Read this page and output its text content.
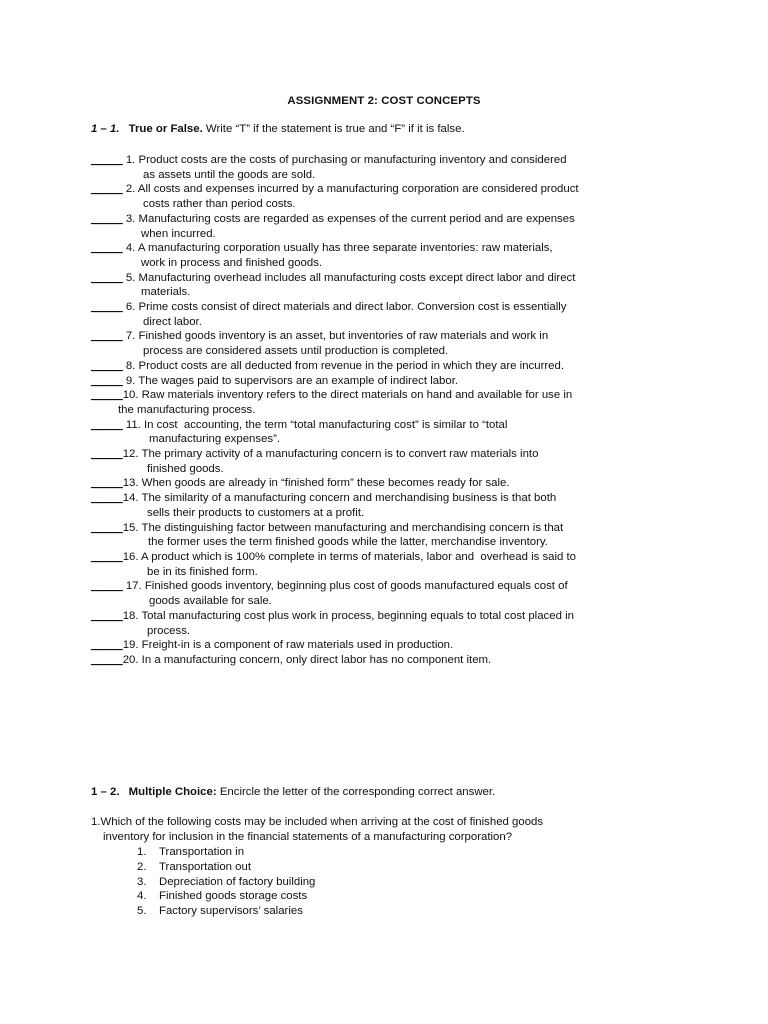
ASSIGNMENT 2: COST CONCEPTS
1 – 1. True or False. Write “T” if the statement is true and “F” if it is false.
_____ 1. Product costs are the costs of purchasing or manufacturing inventory and considered
as assets until the goods are sold.
_____ 2. All costs and expenses incurred by a manufacturing corporation are considered product
costs rather than period costs.
_____ 3. Manufacturing costs are regarded as expenses of the current period and are expenses
when incurred.
_____ 4. A manufacturing corporation usually has three separate inventories: raw materials,
work in process and finished goods.
_____ 5. Manufacturing overhead includes all manufacturing costs except direct labor and direct
materials.
_____ 6. Prime costs consist of direct materials and direct labor. Conversion cost is essentially
direct labor.
_____ 7. Finished goods inventory is an asset, but inventories of raw materials and work in
process are considered assets until production is completed.
_____ 8. Product costs are all deducted from revenue in the period in which they are incurred.
_____ 9. The wages paid to supervisors are an example of indirect labor.
_____10. Raw materials inventory refers to the direct materials on hand and available for use in
the manufacturing process.
_____ 11. In cost  accounting, the term “total manufacturing cost” is similar to “total
manufacturing expenses”.
_____12. The primary activity of a manufacturing concern is to convert raw materials into
finished goods.
_____13. When goods are already in “finished form” these becomes ready for sale.
_____14. The similarity of a manufacturing concern and merchandising business is that both
sells their products to customers at a profit.
_____15. The distinguishing factor between manufacturing and merchandising concern is that
the former uses the term finished goods while the latter, merchandise inventory.
_____16. A product which is 100% complete in terms of materials, labor and  overhead is said to
be in its finished form.
_____ 17. Finished goods inventory, beginning plus cost of goods manufactured equals cost of
goods available for sale.
_____18. Total manufacturing cost plus work in process, beginning equals to total cost placed in
process.
_____19. Freight-in is a component of raw materials used in production.
_____20. In a manufacturing concern, only direct labor has no component item.
1 – 2. Multiple Choice: Encircle the letter of the corresponding correct answer.
1.Which of the following costs may be included when arriving at the cost of finished goods
inventory for inclusion in the financial statements of a manufacturing corporation?
1. Transportation in
2. Transportation out
3. Depreciation of factory building
4. Finished goods storage costs
5. Factory supervisors’ salaries
